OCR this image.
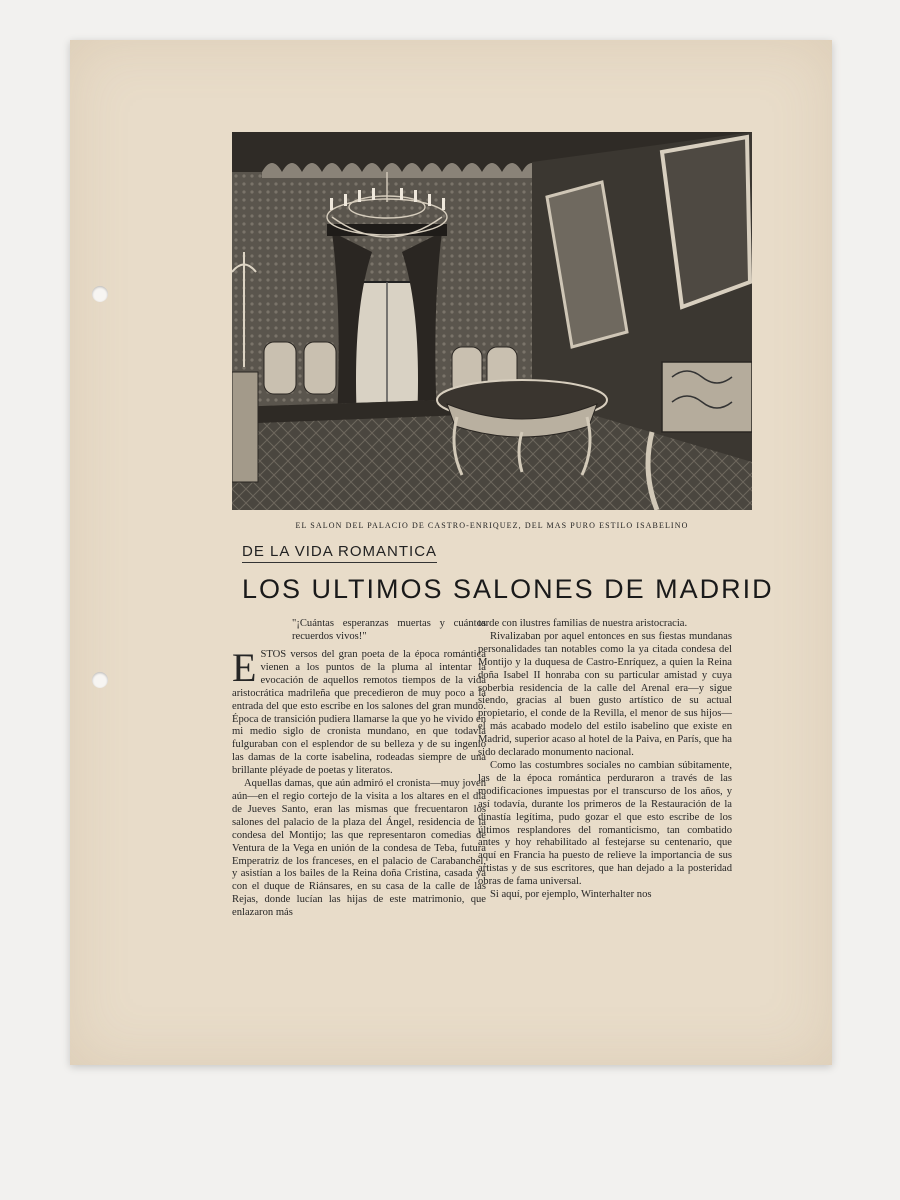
EL SALON DEL PALACIO DE CASTRO-ENRIQUEZ, DEL MAS PURO ESTILO ISABELINO
DE LA VIDA ROMANTICA
LOS ULTIMOS SALONES DE MADRID
"¡Cuántas esperanzas muertas y cuántos recuerdos vivos!"

ESTOS versos del gran poeta de la época romántica vienen a los puntos de la pluma al intentar la evocación de aquellos remotos tiempos de la vida aristocrática madrileña que precedieron de muy poco a la entrada del que esto escribe en los salones del gran mundo. Época de transición pudiera llamarse la que yo he vivido en mi medio siglo de cronista mundano, en que todavía fulguraban con el esplendor de su belleza y de su ingenio las damas de la corte isabelina, rodeadas siempre de una brillante pléyade de poetas y literatos.

Aquellas damas, que aún admiró el cronista—muy joven aún—en el regio cortejo de la visita a los altares en el día de Jueves Santo, eran las mismas que frecuentaron los salones del palacio de la plaza del Ángel, residencia de la condesa del Montijo; las que representaron comedias de Ventura de la Vega en unión de la condesa de Teba, futura Emperatriz de los franceses, en el palacio de Carabanchel, y asistían a los bailes de la Reina doña Cristina, casada ya con el duque de Riánsares, en su casa de la calle de las Rejas, donde lucían las hijas de este matrimonio, que enlazaron más

tarde con ilustres familias de nuestra aristocracia.

Rivalizaban por aquel entonces en sus fiestas mundanas personalidades tan notables como la ya citada condesa del Montijo y la duquesa de Castro-Enríquez, a quien la Reina doña Isabel II honraba con su particular amistad y cuya soberbia residencia de la calle del Arenal era—y sigue siendo, gracias al buen gusto artístico de su actual propietario, el conde de la Revilla, el menor de sus hijos—el más acabado modelo del estilo isabelino que existe en Madrid, superior acaso al hotel de la Paiva, en París, que ha sido declarado monumento nacional.

Como las costumbres sociales no cambian súbitamente, las de la época romántica perduraron a través de las modificaciones impuestas por el transcurso de los años, y así todavía, durante los primeros de la Restauración de la dinastía legítima, pudo gozar el que esto escribe de los últimos resplandores del romanticismo, tan combatido antes y hoy rehabilitado al festejarse su centenario, que aquí en Francia ha puesto de relieve la importancia de sus artistas y de sus escritores, que han dejado a la posteridad obras de fama universal.

Si aquí, por ejemplo, Winterhalter nos
